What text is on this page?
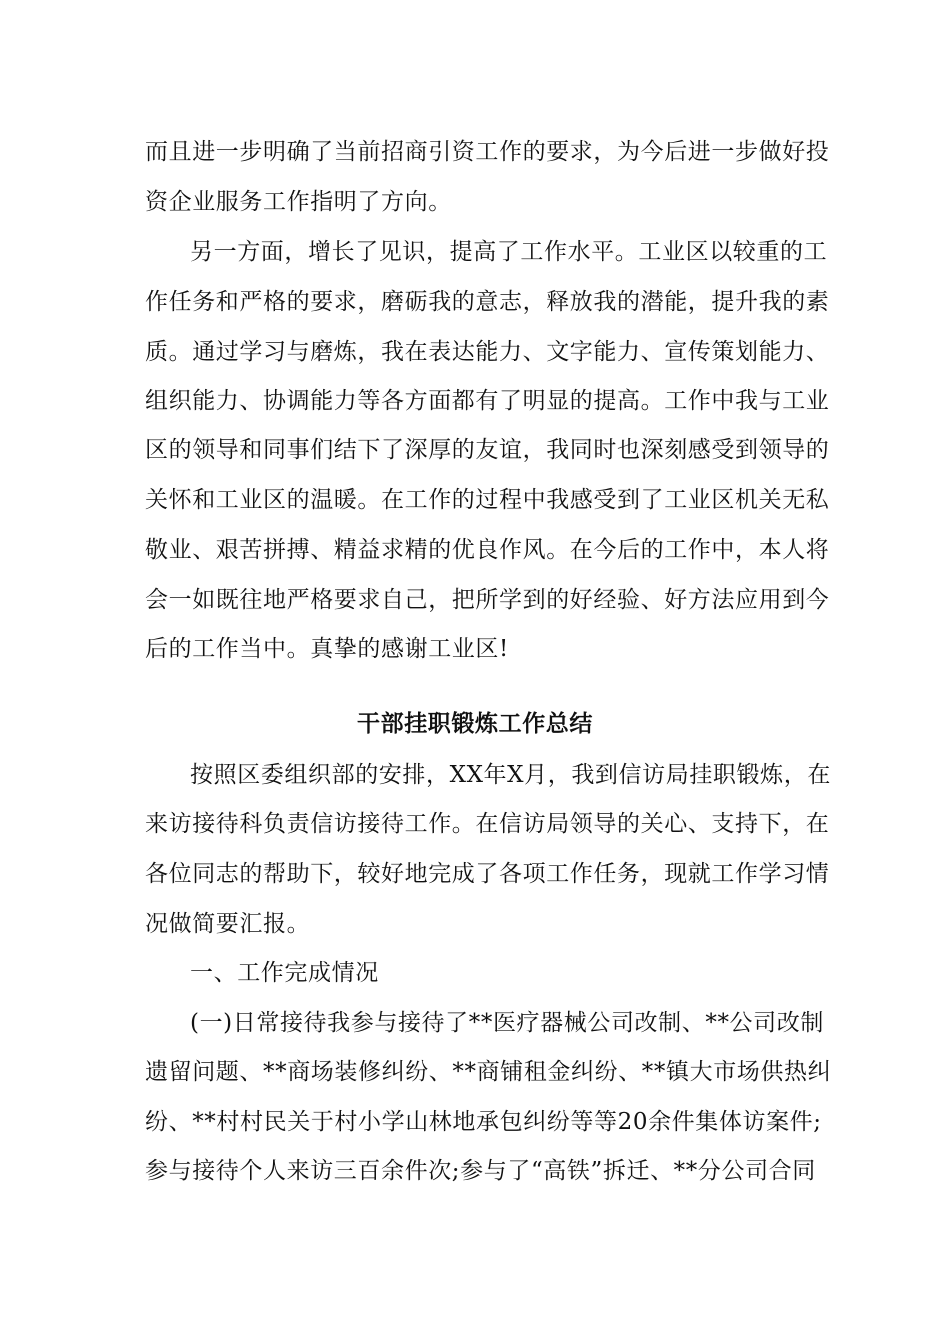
而且进一步明确了当前招商引资工作的要求，为今后进一步做好投
资企业服务工作指明了方向。
另一方面，增长了见识，提高了工作水平。工业区以较重的工
作任务和严格的要求，磨砺我的意志，释放我的潜能，提升我的素
质。通过学习与磨炼，我在表达能力、文字能力、宣传策划能力、
组织能力、协调能力等各方面都有了明显的提高。工作中我与工业
区的领导和同事们结下了深厚的友谊，我同时也深刻感受到领导的
关怀和工业区的温暖。在工作的过程中我感受到了工业区机关无私
敬业、艰苦拼搏、精益求精的优良作风。在今后的工作中，本人将
会一如既往地严格要求自己，把所学到的好经验、好方法应用到今
后的工作当中。真挚的感谢工业区!
干部挂职锻炼工作总结
按照区委组织部的安排，XX年X月，我到信访局挂职锻炼，在
来访接待科负责信访接待工作。在信访局领导的关心、支持下，在
各位同志的帮助下，较好地完成了各项工作任务，现就工作学习情
况做简要汇报。
一、工作完成情况
(一)日常接待我参与接待了**医疗器械公司改制、**公司改制
遗留问题、**商场装修纠纷、**商铺租金纠纷、**镇大市场供热纠
纷、**村村民关于村小学山林地承包纠纷等等20余件集体访案件;
参与接待个人来访三百余件次;参与了“高铁”拆迁、**分公司合同
